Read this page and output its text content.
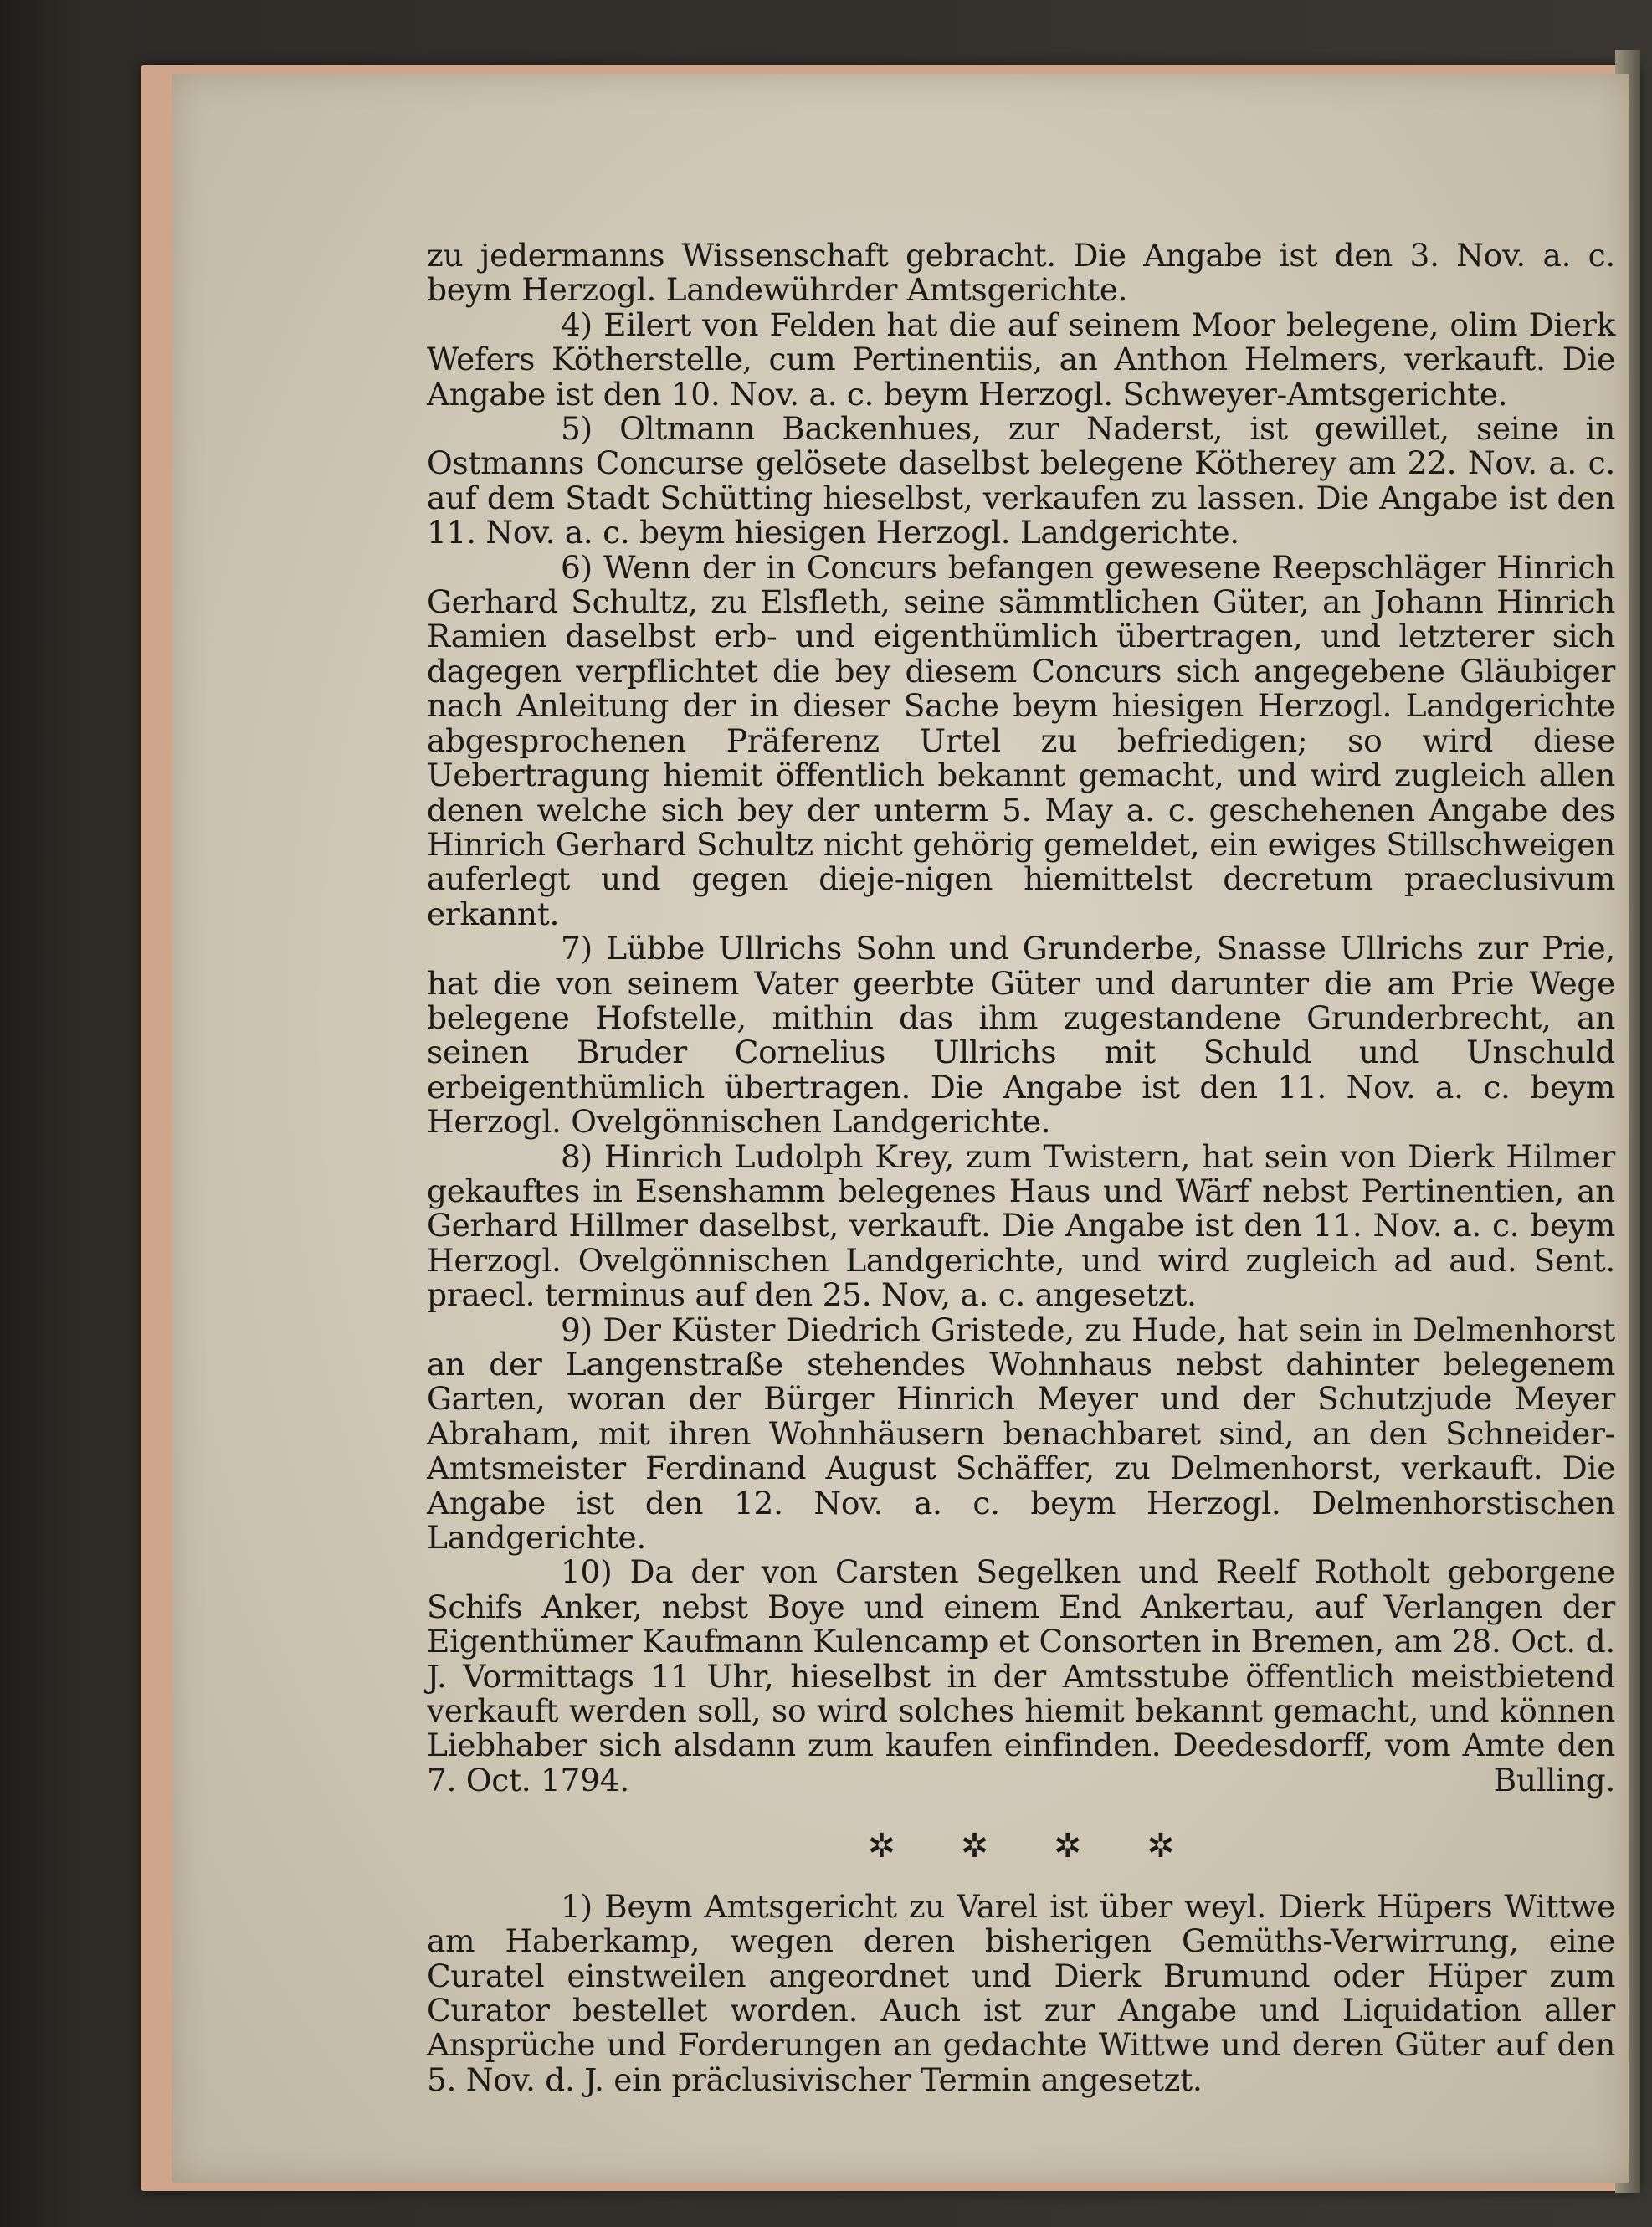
zu jedermanns Wissenschaft gebracht. Die Angabe ist den 3. Nov. a. c. beym Herzogl. Landewührder Amtsgerichte.

4) Eilert von Felden hat die auf seinem Moor belegene, olim Dierk Wefers Kötherstelle, cum Pertinentiis, an Anthon Helmers, verkauft. Die Angabe ist den 10. Nov. a. c. beym Herzogl. Schweyer-Amtsgerichte.

5) Oltmann Backenhues, zur Naderst, ist gewillet, seine in Ostmanns Concurse gelösete daselbst belegene Kötherey am 22. Nov. a. c. auf dem Stadt Schütting hieselbst, verkaufen zu lassen. Die Angabe ist den 11. Nov. a. c. beym hiesigen Herzogl. Landgerichte.

6) Wenn der in Concurs befangen gewesene Reepschläger Hinrich Gerhard Schultz, zu Elsfleth, seine sämmtlichen Güter, an Johann Hinrich Ramien daselbst erb- und eigenthümlich übertragen, und letzterer sich dagegen verpflichtet die bey diesem Concurs sich angegebene Gläubiger nach Anleitung der in dieser Sache beym hiesigen Herzogl. Landgerichte abgesprochenen Präferenz Urtel zu befriedigen; so wird diese Uebertragung hiemit öffentlich bekannt gemacht, und wird zugleich allen denen welche sich bey der unterm 5. May a. c. geschehenen Angabe des Hinrich Gerhard Schultz nicht gehörig gemeldet, ein ewiges Stillschweigen auferlegt und gegen dieje-nigen hiemittelst decretum praeclusivum erkannt.

7) Lübbe Ullrichs Sohn und Grunderbe, Snasse Ullrichs zur Prie, hat die von seinem Vater geerbte Güter und darunter die am Prie Wege belegene Hofstelle, mithin das ihm zugestandene Grunderbrecht, an seinen Bruder Cornelius Ullrichs mit Schuld und Unschuld erbeigenthümlich übertragen. Die Angabe ist den 11. Nov. a. c. beym Herzogl. Ovelgönnischen Landgerichte.

8) Hinrich Ludolph Krey, zum Twistern, hat sein von Dierk Hilmer gekauftes in Esenshamm belegenes Haus und Wärf nebst Pertinentien, an Gerhard Hillmer daselbst, verkauft. Die Angabe ist den 11. Nov. a. c. beym Herzogl. Ovelgönnischen Landgerichte, und wird zugleich ad aud. Sent. praecl. terminus auf den 25. Nov, a. c. angesetzt.

9) Der Küster Diedrich Gristede, zu Hude, hat sein in Delmenhorst an der Langenstraße stehendes Wohnhaus nebst dahinter belegenem Garten, woran der Bürger Hinrich Meyer und der Schutzjude Meyer Abraham, mit ihren Wohnhäusern benachbaret sind, an den Schneider-Amtsmeister Ferdinand August Schäffer, zu Delmenhorst, verkauft. Die Angabe ist den 12. Nov. a. c. beym Herzogl. Delmenhorstischen Landgerichte.

10) Da der von Carsten Segelken und Reelf Rotholt geborgene Schifs Anker, nebst Boye und einem End Ankertau, auf Verlangen der Eigenthümer Kaufmann Kulencamp et Consorten in Bremen, am 28. Oct. d. J. Vormittags 11 Uhr, hieselbst in der Amtsstube öffentlich meistbietend verkauft werden soll, so wird solches hiemit bekannt gemacht, und können Liebhaber sich alsdann zum kaufen einfinden. Deedesdorff, vom Amte den 7. Oct. 1794.	Bulling.

✲ ✲ ✲ ✲

1) Beym Amtsgericht zu Varel ist über weyl. Dierk Hüpers Wittwe am Haberkamp, wegen deren bisherigen Gemüths-Verwirrung, eine Curatel einstweilen angeordnet und Dierk Brumund oder Hüper zum Curator bestellet worden. Auch ist zur Angabe und Liquidation aller Ansprüche und Forderungen an gedachte Wittwe und deren Güter auf den 5. Nov. d. J. ein präclusivischer Termin angesetzt.
